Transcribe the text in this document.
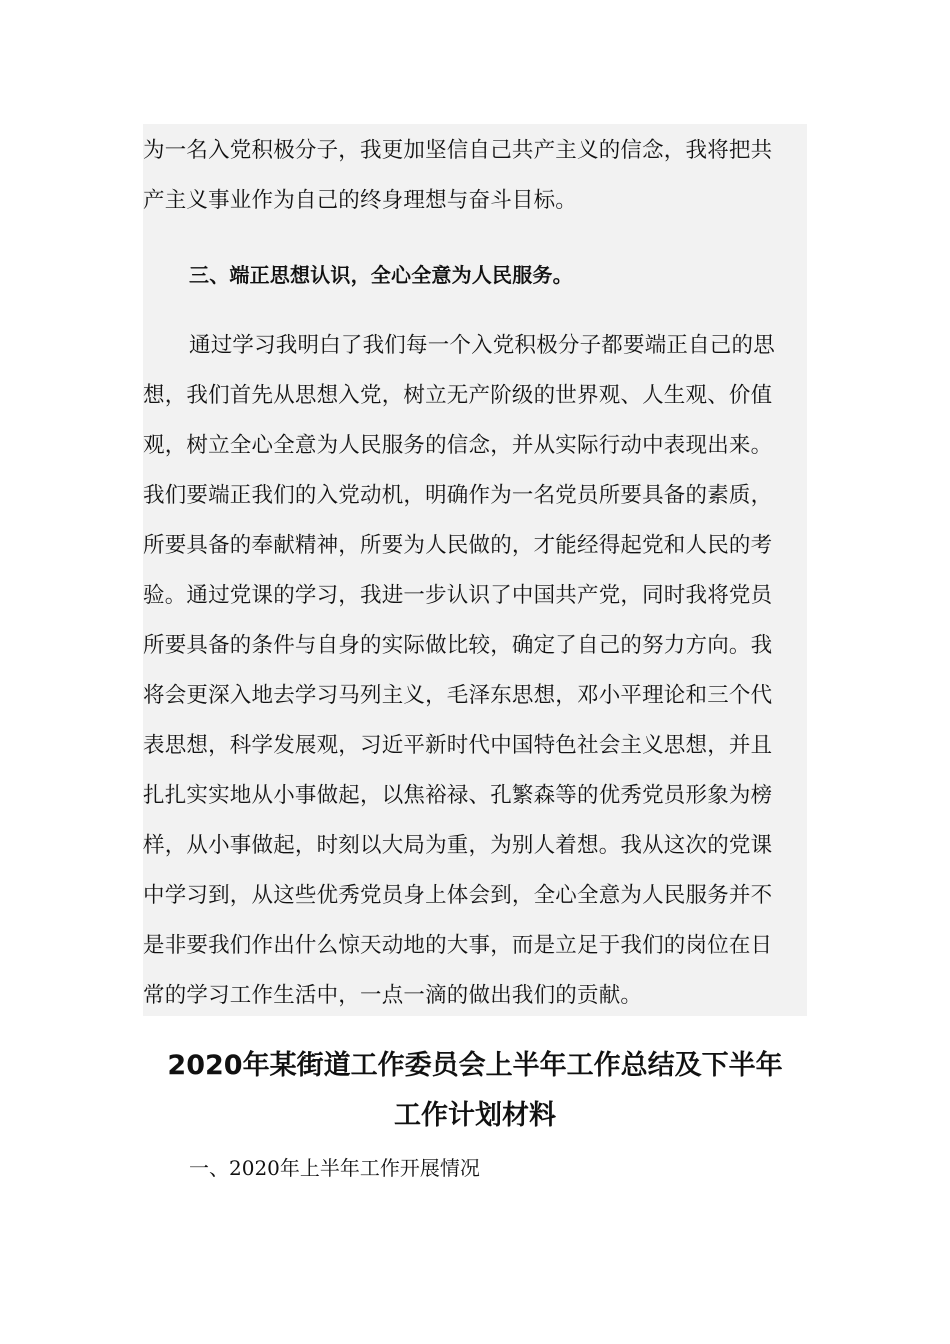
为一名入党积极分子，我更加坚信自己共产主义的信念，我将把共
产主义事业作为自己的终身理想与奋斗目标。
三、端正思想认识，全心全意为人民服务。
通过学习我明白了我们每一个入党积极分子都要端正自己的思
想，我们首先从思想入党，树立无产阶级的世界观、人生观、价值
观，树立全心全意为人民服务的信念，并从实际行动中表现出来。
我们要端正我们的入党动机，明确作为一名党员所要具备的素质，
所要具备的奉献精神，所要为人民做的，才能经得起党和人民的考
验。通过党课的学习，我进一步认识了中国共产党，同时我将党员
所要具备的条件与自身的实际做比较，确定了自己的努力方向。我
将会更深入地去学习马列主义，毛泽东思想，邓小平理论和三个代
表思想，科学发展观，习近平新时代中国特色社会主义思想，并且
扎扎实实地从小事做起，以焦裕禄、孔繁森等的优秀党员形象为榜
样，从小事做起，时刻以大局为重，为别人着想。我从这次的党课
中学习到，从这些优秀党员身上体会到，全心全意为人民服务并不
是非要我们作出什么惊天动地的大事，而是立足于我们的岗位在日
常的学习工作生活中，一点一滴的做出我们的贡献。
2020年某街道工作委员会上半年工作总结及下半年
工作计划材料
一、2020年上半年工作开展情况
